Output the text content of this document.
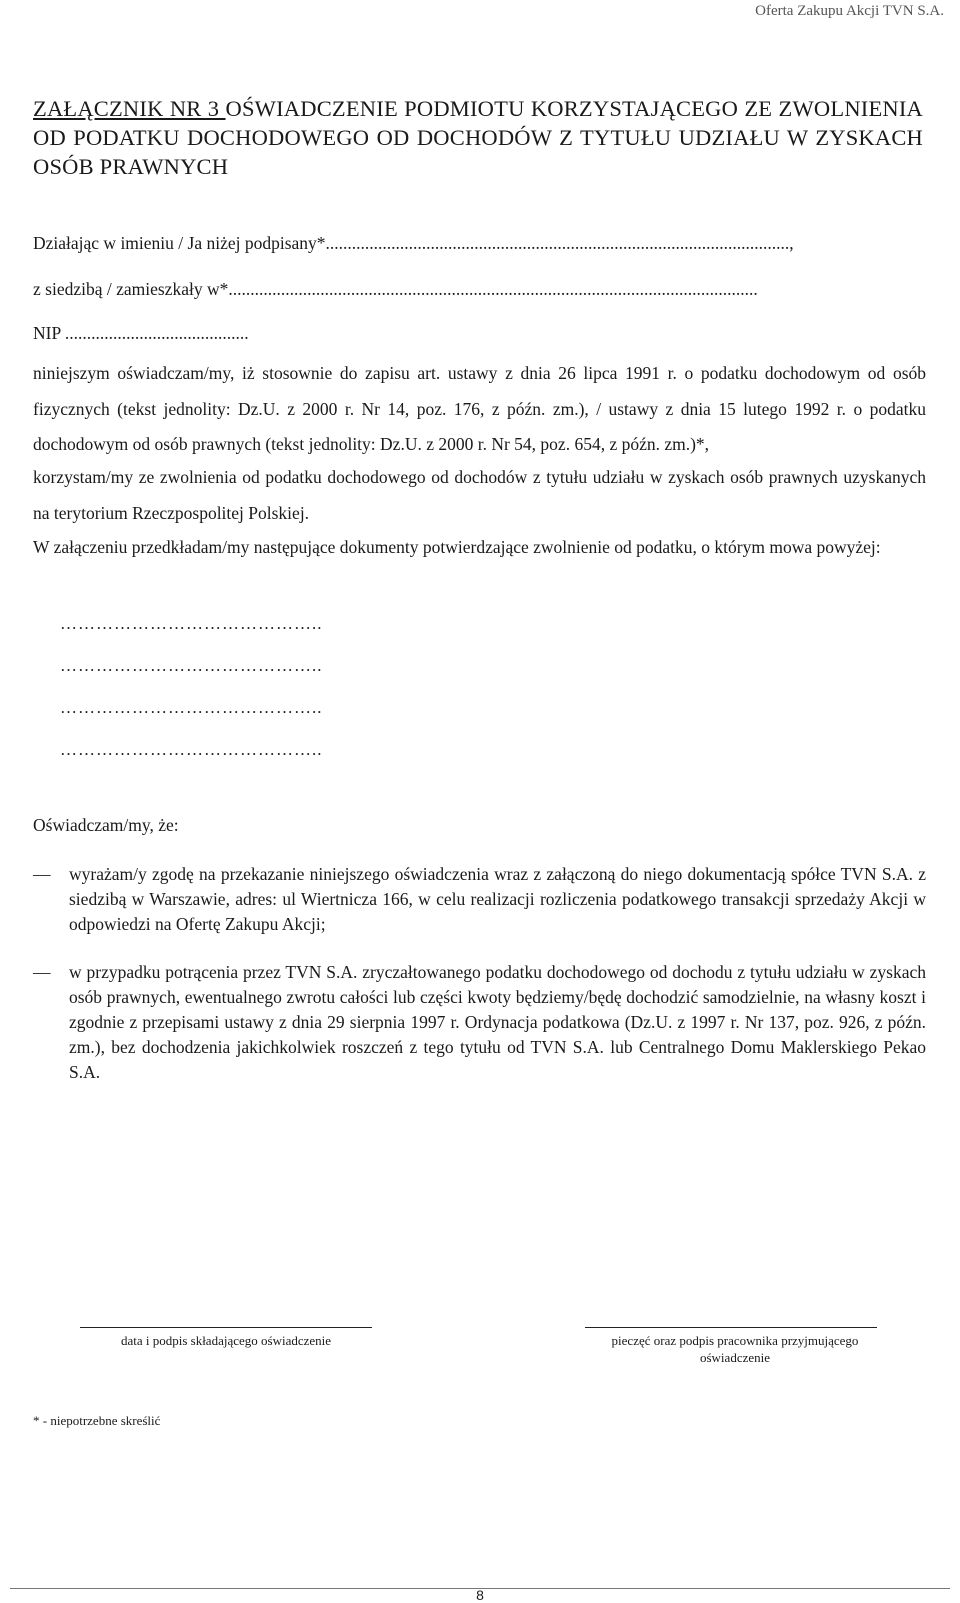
Oferta Zakupu Akcji TVN S.A.
ZAŁĄCZNIK NR 3 OŚWIADCZENIE PODMIOTU KORZYSTAJĄCEGO ZE ZWOLNIENIA OD PODATKU DOCHODOWEGO OD DOCHODÓW Z TYTUŁU UDZIAŁU W ZYSKACH OSÓB PRAWNYCH
Działając w imieniu / Ja niżej podpisany*..........................................................................................................,
z siedzibą / zamieszkały w*.........................................................................................................................
NIP ..........................................

niniejszym oświadczam/my, iż stosownie do zapisu art. ustawy z dnia 26 lipca 1991 r. o podatku dochodowym od osób fizycznych (tekst jednolity: Dz.U. z 2000 r. Nr 14, poz. 176, z późn. zm.), / ustawy z dnia 15 lutego 1992 r. o podatku dochodowym od osób prawnych (tekst jednolity: Dz.U. z 2000 r. Nr 54, poz. 654, z późn. zm.)*,

korzystam/my ze zwolnienia od podatku dochodowego od dochodów z tytułu udziału w zyskach osób prawnych uzyskanych na terytorium Rzeczpospolitej Polskiej.

W załączeniu przedkładam/my następujące dokumenty potwierdzające zwolnienie od podatku, o którym mowa powyżej:

……………………………………..
……………………………………..
……………………………………..
……………………………………..
Oświadczam/my, że:
— wyrażam/y zgodę na przekazanie niniejszego oświadczenia wraz z załączoną do niego dokumentacją spółce TVN S.A. z siedzibą w Warszawie, adres: ul Wiertnicza 166, w celu realizacji rozliczenia podatkowego transakcji sprzedaży Akcji w odpowiedzi na Ofertę Zakupu Akcji;
— w przypadku potrącenia przez TVN S.A. zryczałtowanego podatku dochodowego od dochodu z tytułu udziału w zyskach osób prawnych, ewentualnego zwrotu całości lub części kwoty będziemy/będę dochodzić samodzielnie, na własny koszt i zgodnie z przepisami ustawy z dnia 29 sierpnia 1997 r. Ordynacja podatkowa (Dz.U. z 1997 r. Nr 137, poz. 926, z późn. zm.), bez dochodzenia jakichkolwiek roszczeń z tego tytułu od TVN S.A. lub Centralnego Domu Maklerskiego Pekao S.A.
data i podpis składającego oświadczenie	pieczęć oraz podpis pracownika przyjmującego oświadczenie
* - niepotrzebne skreślić
8
